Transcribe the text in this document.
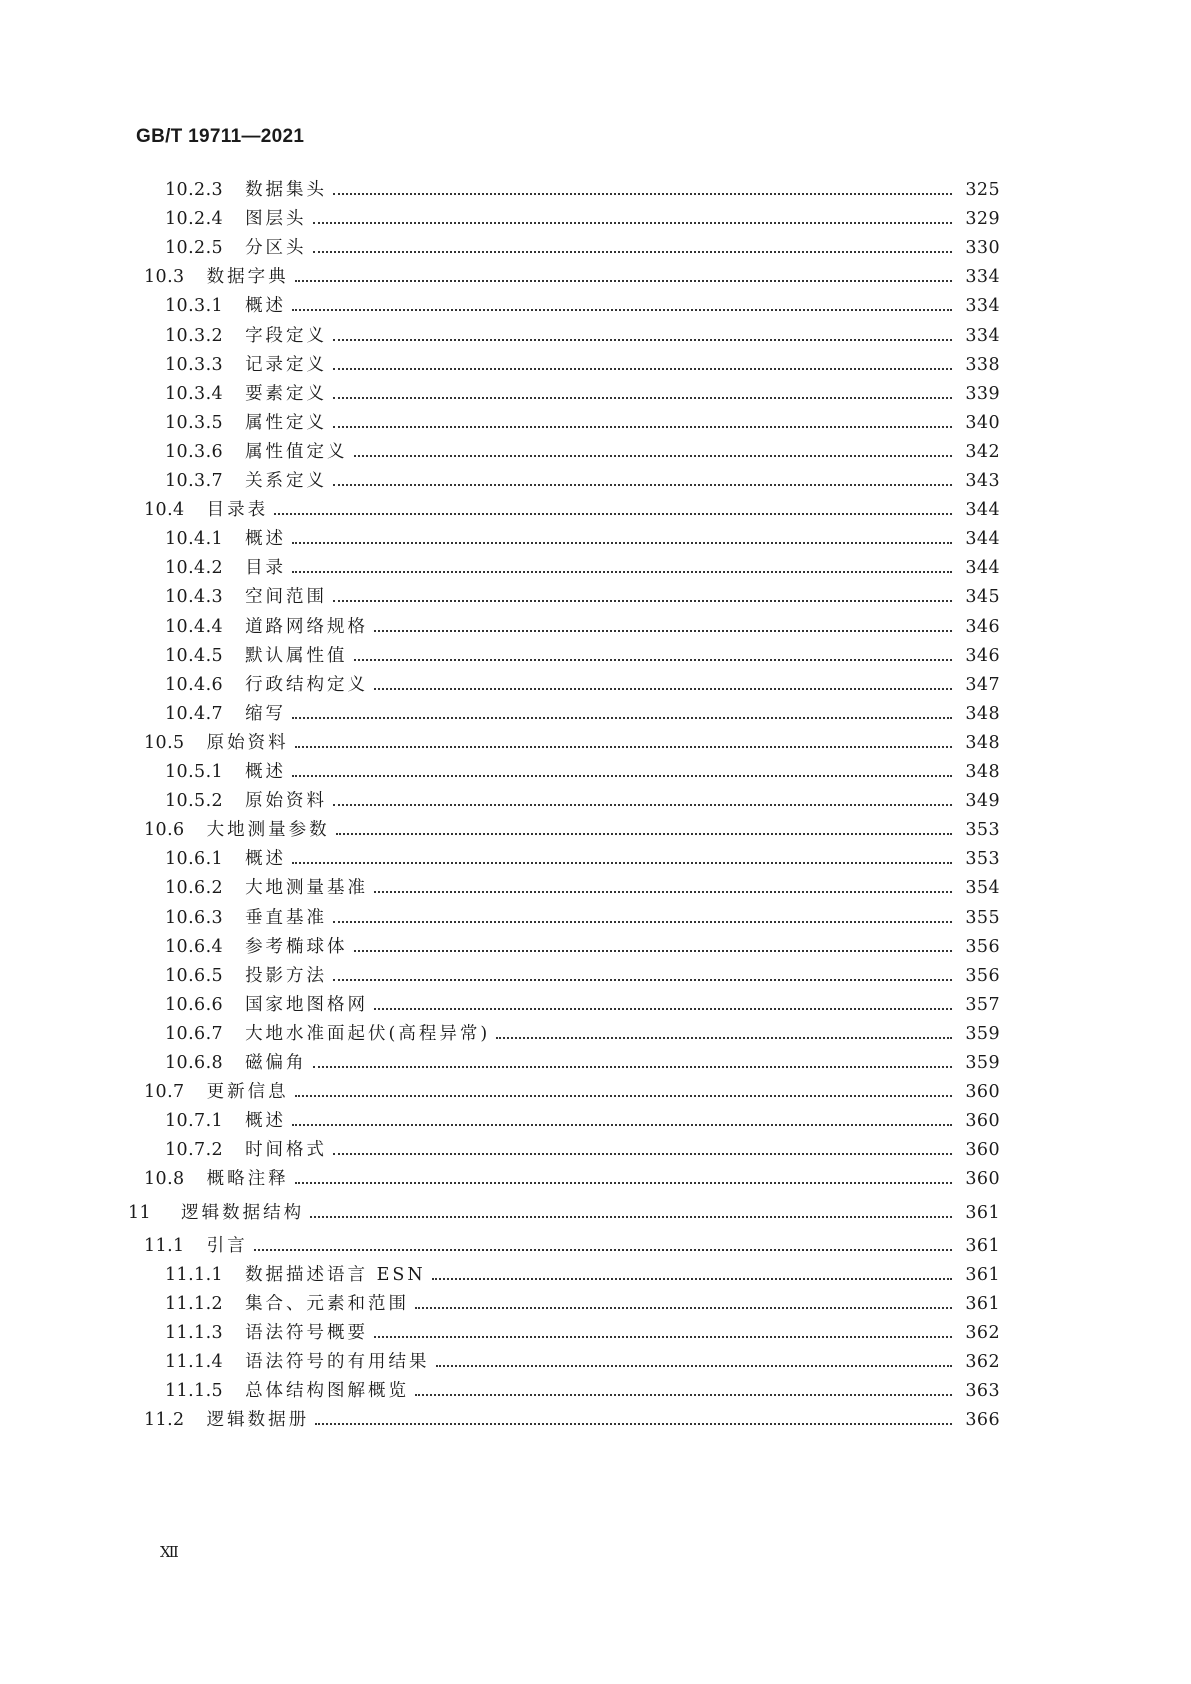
GB/T 19711—2021
10.2.3 数据集头	325
10.2.4 图层头	329
10.2.5 分区头	330
10.3 数据字典	334
10.3.1 概述	334
10.3.2 字段定义	334
10.3.3 记录定义	338
10.3.4 要素定义	339
10.3.5 属性定义	340
10.3.6 属性值定义	342
10.3.7 关系定义	343
10.4 目录表	344
10.4.1 概述	344
10.4.2 目录	344
10.4.3 空间范围	345
10.4.4 道路网络规格	346
10.4.5 默认属性值	346
10.4.6 行政结构定义	347
10.4.7 缩写	348
10.5 原始资料	348
10.5.1 概述	348
10.5.2 原始资料	349
10.6 大地测量参数	353
10.6.1 概述	353
10.6.2 大地测量基准	354
10.6.3 垂直基准	355
10.6.4 参考椭球体	356
10.6.5 投影方法	356
10.6.6 国家地图格网	357
10.6.7 大地水准面起伏(高程异常)	359
10.6.8 磁偏角	359
10.7 更新信息	360
10.7.1 概述	360
10.7.2 时间格式	360
10.8 概略注释	360
11 逻辑数据结构	361
11.1 引言	361
11.1.1 数据描述语言 ESN	361
11.1.2 集合、元素和范围	361
11.1.3 语法符号概要	362
11.1.4 语法符号的有用结果	362
11.1.5 总体结构图解概览	363
11.2 逻辑数据册	366
Ⅻ
